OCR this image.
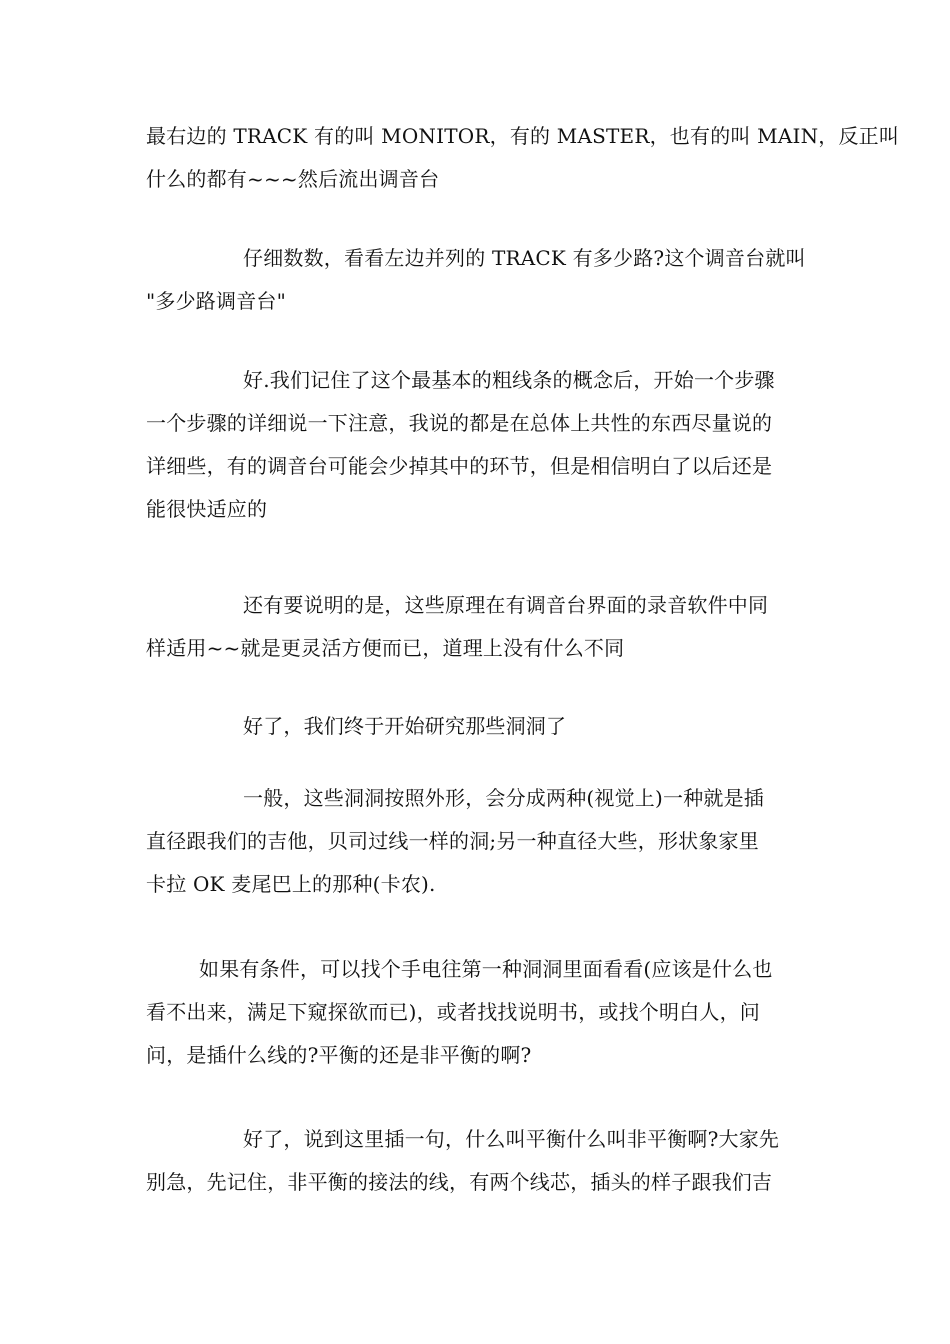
最右边的 TRACK 有的叫 MONITOR，有的 MASTER，也有的叫 MAIN，反正叫
什么的都有~~~然后流出调音台
仔细数数，看看左边并列的 TRACK 有多少路?这个调音台就叫
"多少路调音台"
好.我们记住了这个最基本的粗线条的概念后，开始一个步骤
一个步骤的详细说一下注意，我说的都是在总体上共性的东西尽量说的
详细些，有的调音台可能会少掉其中的环节，但是相信明白了以后还是
能很快适应的
还有要说明的是，这些原理在有调音台界面的录音软件中同
样适用~~就是更灵活方便而已，道理上没有什么不同
好了，我们终于开始研究那些洞洞了
一般，这些洞洞按照外形，会分成两种(视觉上)一种就是插
直径跟我们的吉他，贝司过线一样的洞;另一种直径大些，形状象家里
卡拉 OK 麦尾巴上的那种(卡农).
如果有条件，可以找个手电往第一种洞洞里面看看(应该是什么也
看不出来，满足下窥探欲而已)，或者找找说明书，或找个明白人，问
问，是插什么线的?平衡的还是非平衡的啊?
好了，说到这里插一句，什么叫平衡什么叫非平衡啊?大家先
别急，先记住，非平衡的接法的线，有两个线芯，插头的样子跟我们吉
